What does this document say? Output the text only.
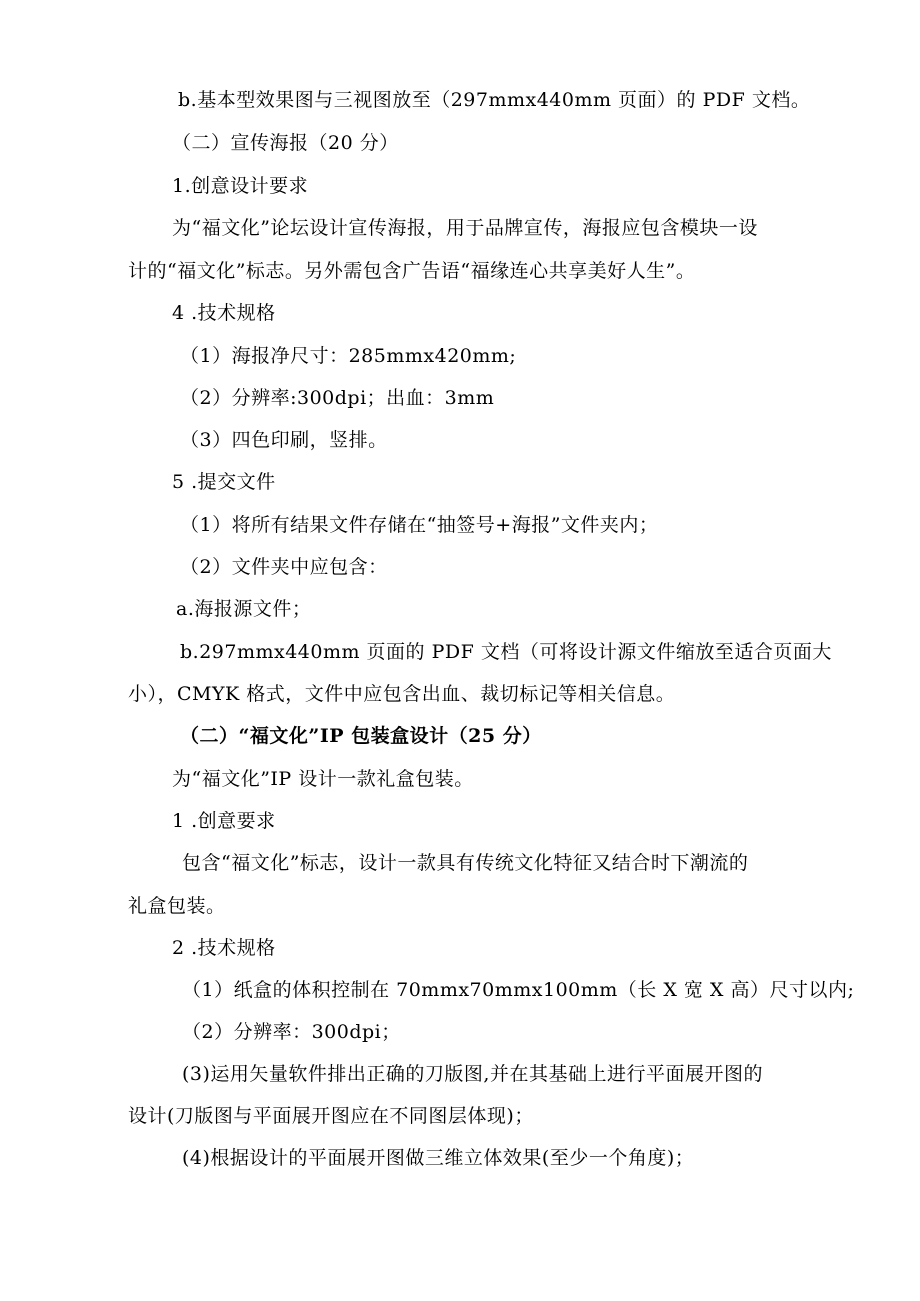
b.基本型效果图与三视图放至（297mmx440mm 页面）的 PDF 文档。
（二）宣传海报（20 分）
1.创意设计要求
为“福文化”论坛设计宣传海报，用于品牌宣传，海报应包含模块一设
计的“福文化”标志。另外需包含广告语“福缘连心共享美好人生”。
4 .技术规格
（1）海报净尺寸：285mmx420mm;
（2）分辨率:300dpi；出血：3mm
（3）四色印刷，竖排。
5 .提交文件
（1）将所有结果文件存储在“抽签号+海报”文件夹内；
（2）文件夹中应包含：
a.海报源文件；
b.297mmx440mm 页面的 PDF 文档（可将设计源文件缩放至适合页面大
小），CMYK 格式，文件中应包含出血、裁切标记等相关信息。
（二）“福文化”IP 包装盒设计（25 分）
为“福文化”IP 设计一款礼盒包装。
1 .创意要求
包含“福文化”标志，设计一款具有传统文化特征又结合时下潮流的
礼盒包装。
2 .技术规格
（1）纸盒的体积控制在 70mmx70mmx100mm（长 X 宽 X 高）尺寸以内;
（2）分辨率：300dpi；
(3)运用矢量软件排出正确的刀版图,并在其基础上进行平面展开图的
设计(刀版图与平面展开图应在不同图层体现)；
(4)根据设计的平面展开图做三维立体效果(至少一个角度)；
